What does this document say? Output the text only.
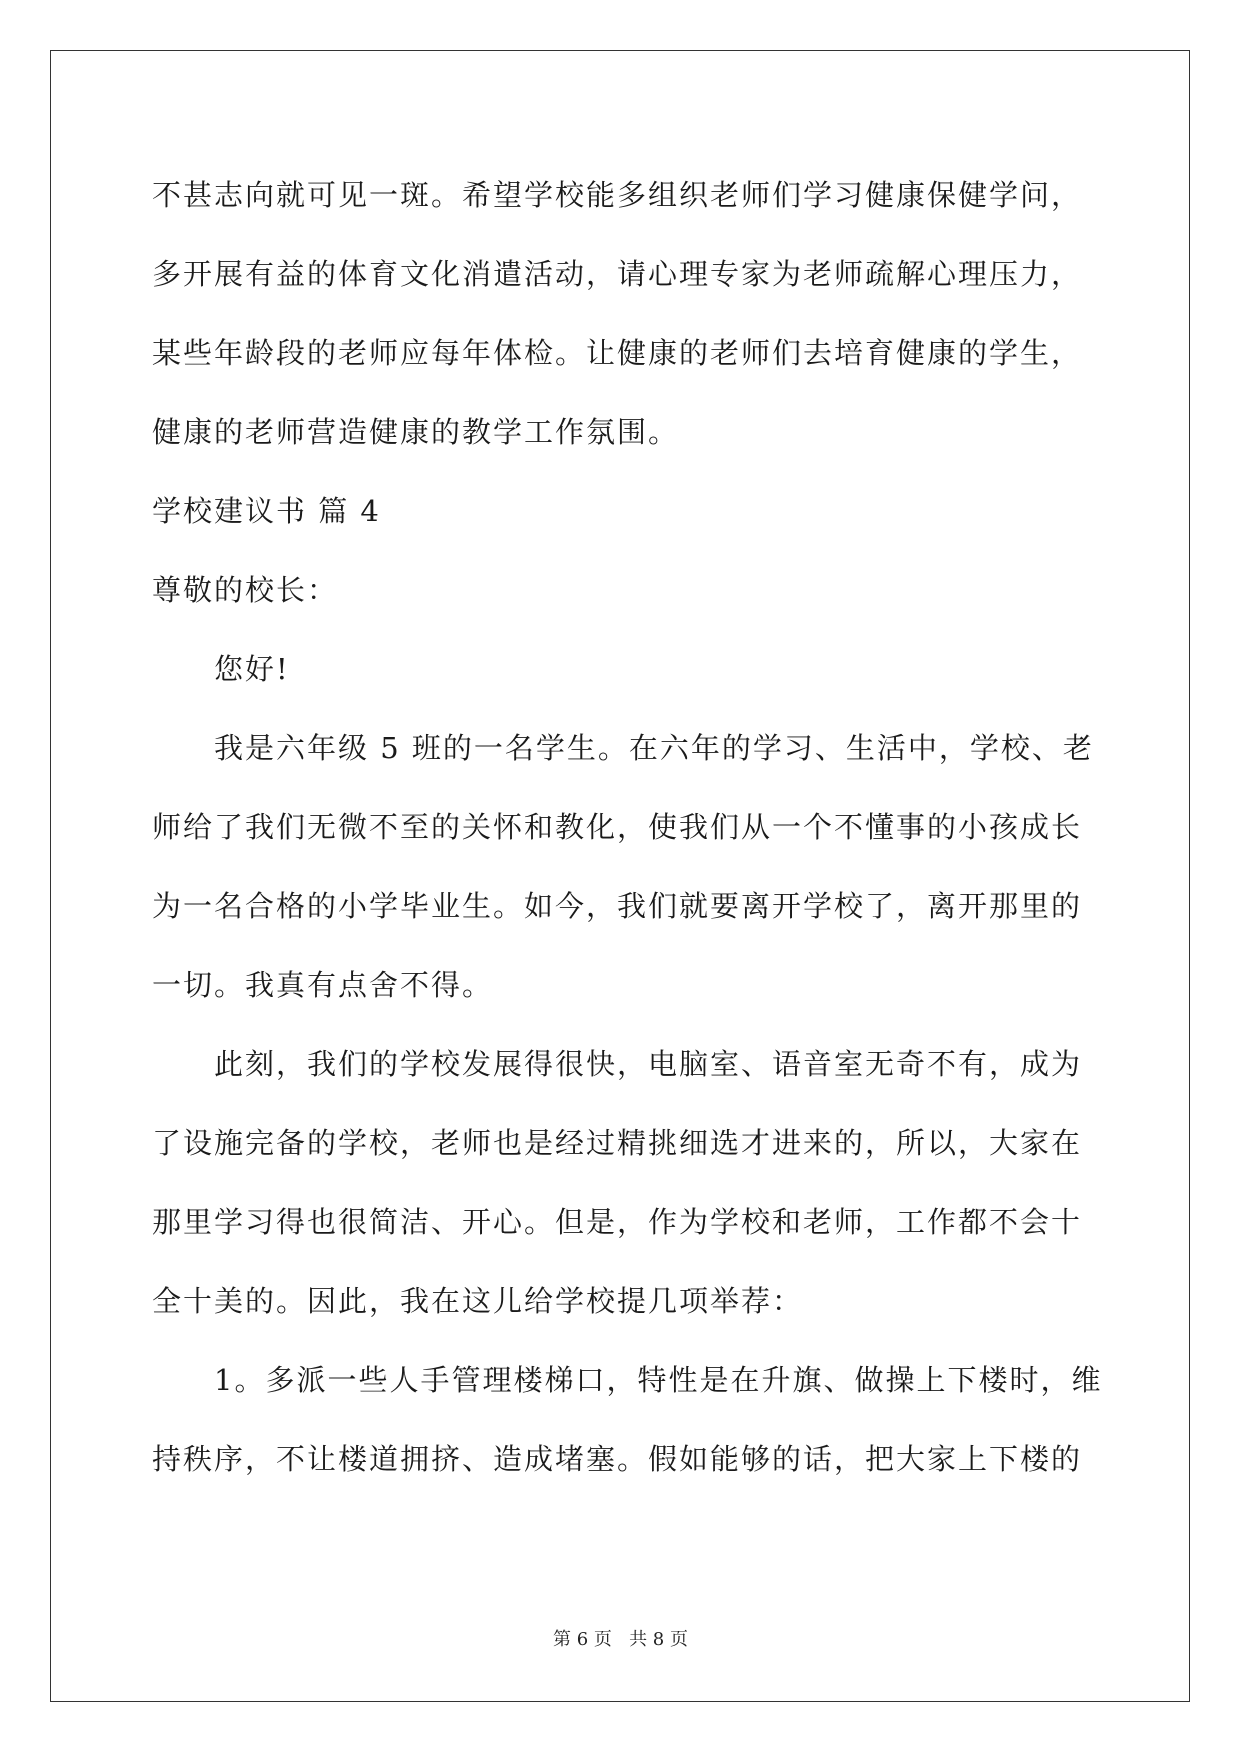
不甚志向就可见一斑。希望学校能多组织老师们学习健康保健学问，
多开展有益的体育文化消遣活动，请心理专家为老师疏解心理压力，
某些年龄段的老师应每年体检。让健康的老师们去培育健康的学生，
健康的老师营造健康的教学工作氛围。
学校建议书 篇 4
尊敬的校长：
您好!
我是六年级 5 班的一名学生。在六年的学习、生活中，学校、老
师给了我们无微不至的关怀和教化，使我们从一个不懂事的小孩成长
为一名合格的小学毕业生。如今，我们就要离开学校了，离开那里的
一切。我真有点舍不得。
此刻，我们的学校发展得很快，电脑室、语音室无奇不有，成为
了设施完备的学校，老师也是经过精挑细选才进来的，所以，大家在
那里学习得也很简洁、开心。但是，作为学校和老师，工作都不会十
全十美的。因此，我在这儿给学校提几项举荐：
1。多派一些人手管理楼梯口，特性是在升旗、做操上下楼时，维
持秩序，不让楼道拥挤、造成堵塞。假如能够的话，把大家上下楼的
第 6 页   共 8 页
